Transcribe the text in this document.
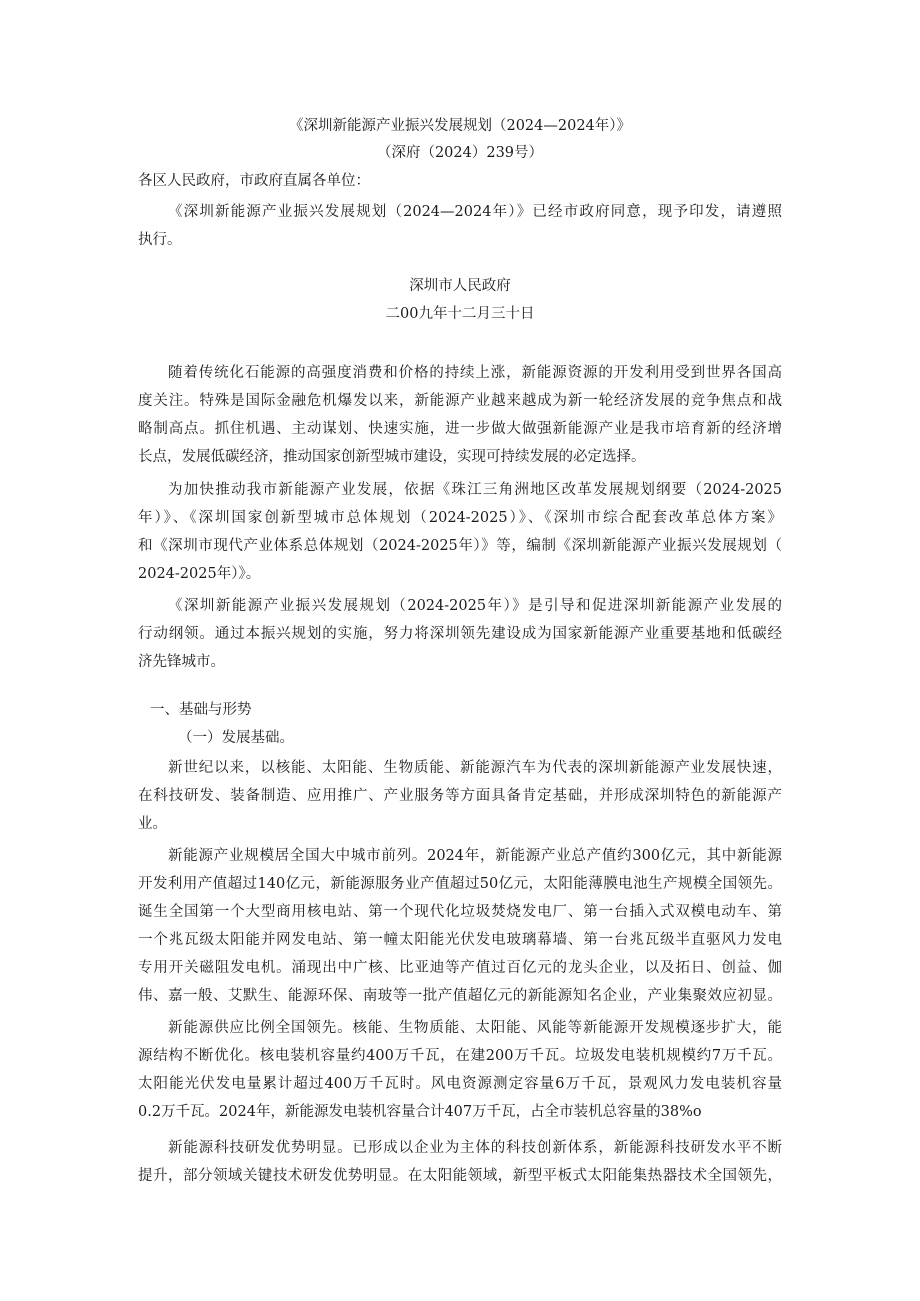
《深圳新能源产业振兴发展规划（2024—2024年）》

（深府（2024）239号）

各区人民政府，市政府直属各单位：

《深圳新能源产业振兴发展规划（2024—2024年）》已经市政府同意，现予印发，请遵照

执行。

深圳市人民政府

二00九年十二月三十日

随着传统化石能源的高强度消费和价格的持续上涨，新能源资源的开发利用受到世界各国高

度关注。特殊是国际金融危机爆发以来，新能源产业越来越成为新一轮经济发展的竞争焦点和战

略制高点。抓住机遇、主动谋划、快速实施，进一步做大做强新能源产业是我市培育新的经济增

长点，发展低碳经济，推动国家创新型城市建设，实现可持续发展的必定选择。

为加快推动我市新能源产业发展，依据《珠江三角洲地区改革发展规划纲要（2024-2025

年）》、《深圳国家创新型城市总体规划（2024-2025）》、《深圳市综合配套改革总体方案》

和《深圳市现代产业体系总体规划（2024-2025年）》等，编制《深圳新能源产业振兴发展规划（

2024-2025年）》。

《深圳新能源产业振兴发展规划（2024-2025年）》是引导和促进深圳新能源产业发展的

行动纲领。通过本振兴规划的实施，努力将深圳领先建设成为国家新能源产业重要基地和低碳经

济先锋城市。

一、基础与形势

（一）发展基础。

新世纪以来，以核能、太阳能、生物质能、新能源汽车为代表的深圳新能源产业发展快速，

在科技研发、装备制造、应用推广、产业服务等方面具备肯定基础，并形成深圳特色的新能源产

业。

新能源产业规模居全国大中城市前列。2024年，新能源产业总产值约300亿元，其中新能源

开发利用产值超过140亿元，新能源服务业产值超过50亿元，太阳能薄膜电池生产规模全国领先。

诞生全国第一个大型商用核电站、第一个现代化垃圾焚烧发电厂、第一台插入式双模电动车、第

一个兆瓦级太阳能并网发电站、第一幢太阳能光伏发电玻璃幕墙、第一台兆瓦级半直驱风力发电

专用开关磁阻发电机。涌现出中广核、比亚迪等产值过百亿元的龙头企业，以及拓日、创益、伽

伟、嘉一般、艾默生、能源环保、南玻等一批产值超亿元的新能源知名企业，产业集聚效应初显。

新能源供应比例全国领先。核能、生物质能、太阳能、风能等新能源开发规模逐步扩大，能

源结构不断优化。核电装机容量约400万千瓦，在建200万千瓦。垃圾发电装机规模约7万千瓦。

太阳能光伏发电量累计超过400万千瓦时。风电资源测定容量6万千瓦，景观风力发电装机容量

0.2万千瓦。2024年，新能源发电装机容量合计407万千瓦，占全市装机总容量的38%o

新能源科技研发优势明显。已形成以企业为主体的科技创新体系，新能源科技研发水平不断

提升，部分领域关键技术研发优势明显。在太阳能领域，新型平板式太阳能集热器技术全国领先，
